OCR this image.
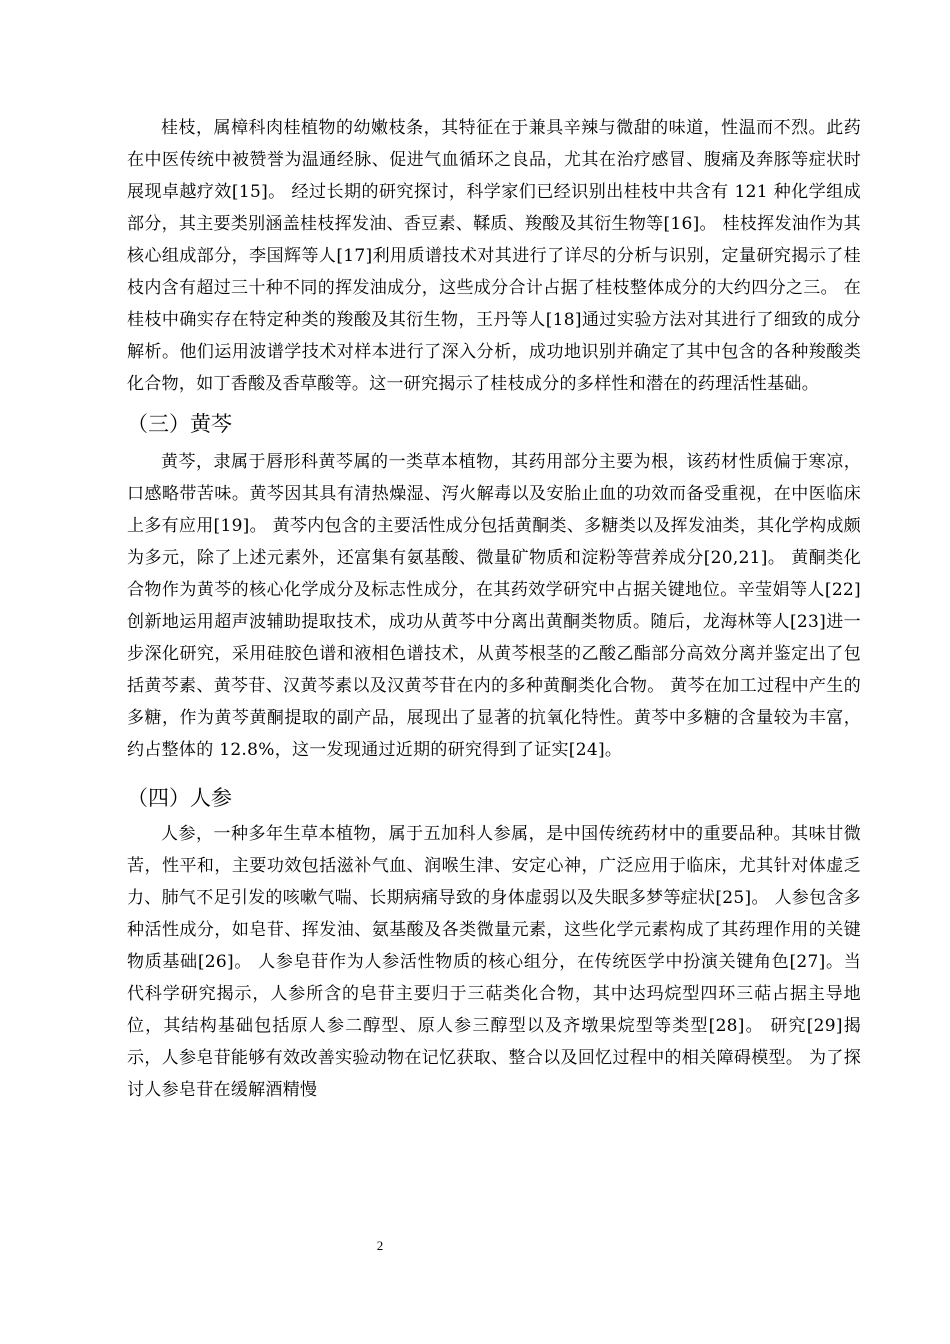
桂枝，属樟科肉桂植物的幼嫩枝条，其特征在于兼具辛辣与微甜的味道，性温而不烈。此药在中医传统中被赞誉为温通经脉、促进气血循环之良品，尤其在治疗感冒、腹痛及奔豚等症状时展现卓越疗效[15]。 经过长期的研究探讨，科学家们已经识别出桂枝中共含有 121 种化学组成部分，其主要类别涵盖桂枝挥发油、香豆素、鞣质、羧酸及其衍生物等[16]。 桂枝挥发油作为其核心组成部分，李国辉等人[17]利用质谱技术对其进行了详尽的分析与识别，定量研究揭示了桂枝内含有超过三十种不同的挥发油成分，这些成分合计占据了桂枝整体成分的大约四分之三。 在桂枝中确实存在特定种类的羧酸及其衍生物，王丹等人[18]通过实验方法对其进行了细致的成分解析。他们运用波谱学技术对样本进行了深入分析，成功地识别并确定了其中包含的各种羧酸类化合物，如丁香酸及香草酸等。这一研究揭示了桂枝成分的多样性和潜在的药理活性基础。

（三）黄芩

黄芩，隶属于唇形科黄芩属的一类草本植物，其药用部分主要为根，该药材性质偏于寒凉，口感略带苦味。黄芩因其具有清热燥湿、泻火解毒以及安胎止血的功效而备受重视，在中医临床上多有应用[19]。 黄芩内包含的主要活性成分包括黄酮类、多糖类以及挥发油类，其化学构成颇为多元，除了上述元素外，还富集有氨基酸、微量矿物质和淀粉等营养成分[20,21]。 黄酮类化合物作为黄芩的核心化学成分及标志性成分，在其药效学研究中占据关键地位。辛莹娟等人[22]创新地运用超声波辅助提取技术，成功从黄芩中分离出黄酮类物质。随后，龙海林等人[23]进一步深化研究，采用硅胶色谱和液相色谱技术，从黄芩根茎的乙酸乙酯部分高效分离并鉴定出了包括黄芩素、黄芩苷、汉黄芩素以及汉黄芩苷在内的多种黄酮类化合物。 黄芩在加工过程中产生的多糖，作为黄芩黄酮提取的副产品，展现出了显著的抗氧化特性。黄芩中多糖的含量较为丰富，约占整体的 12.8%，这一发现通过近期的研究得到了证实[24]。

（四）人参

人参，一种多年生草本植物，属于五加科人参属，是中国传统药材中的重要品种。其味甘微苦，性平和，主要功效包括滋补气血、润喉生津、安定心神，广泛应用于临床，尤其针对体虚乏力、肺气不足引发的咳嗽气喘、长期病痛导致的身体虚弱以及失眠多梦等症状[25]。 人参包含多种活性成分，如皂苷、挥发油、氨基酸及各类微量元素，这些化学元素构成了其药理作用的关键物质基础[26]。 人参皂苷作为人参活性物质的核心组分，在传统医学中扮演关键角色[27]。当代科学研究揭示，人参所含的皂苷主要归于三萜类化合物，其中达玛烷型四环三萜占据主导地位，其结构基础包括原人参二醇型、原人参三醇型以及齐墩果烷型等类型[28]。 研究[29]揭示，人参皂苷能够有效改善实验动物在记忆获取、整合以及回忆过程中的相关障碍模型。 为了探讨人参皂苷在缓解酒精慢

2
